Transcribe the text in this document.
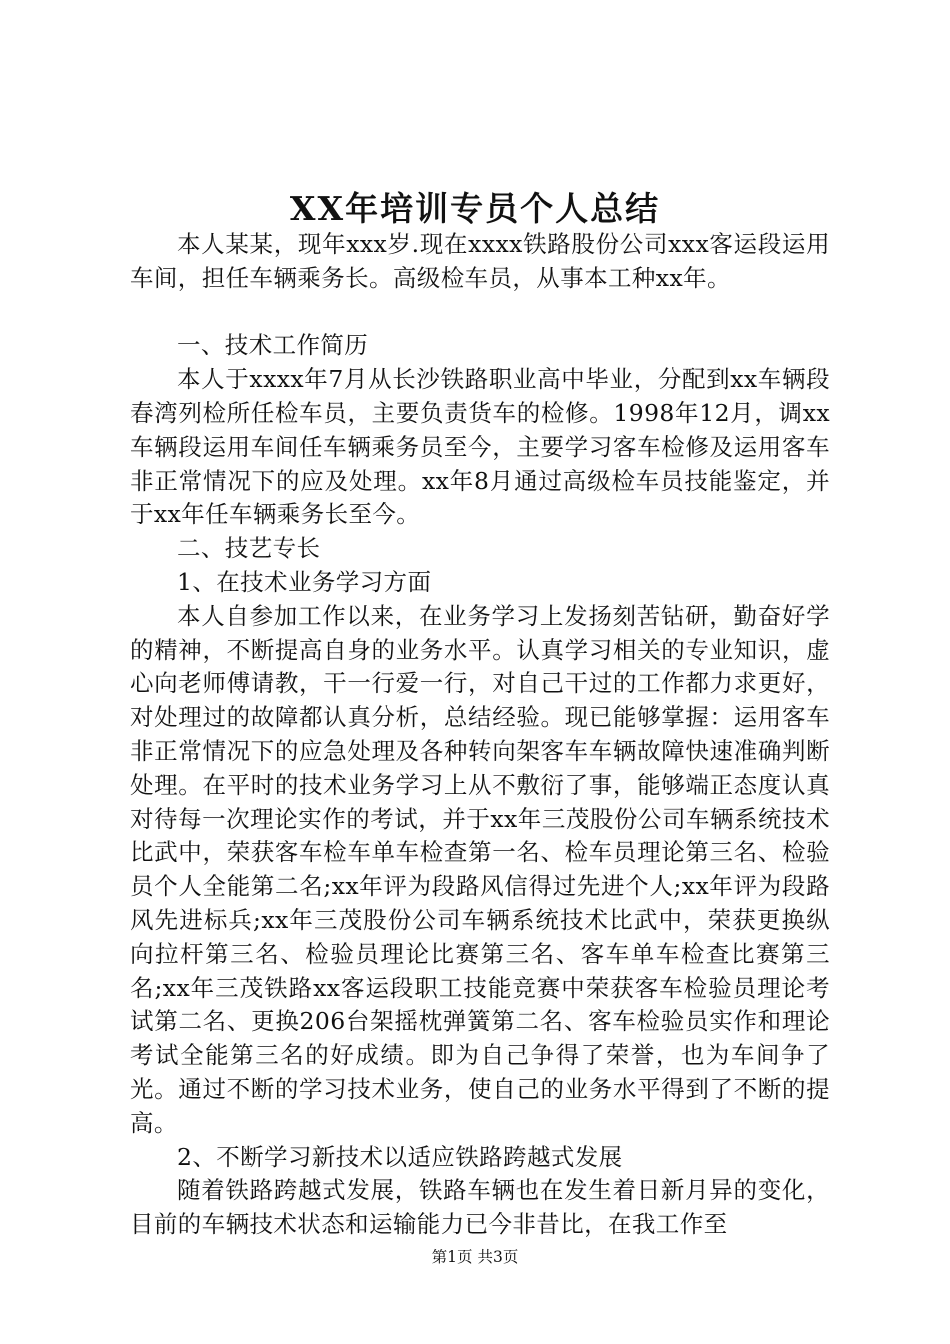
XX年培训专员个人总结

本人某某，现年xxx岁.现在xxxx铁路股份公司xxx客运段运用车间，担任车辆乘务长。高级检车员，从事本工种xx年。

一、技术工作简历

本人于xxxx年7月从长沙铁路职业高中毕业，分配到xx车辆段春湾列检所任检车员，主要负责货车的检修。1998年12月，调xx车辆段运用车间任车辆乘务员至今，主要学习客车检修及运用客车非正常情况下的应及处理。xx年8月通过高级检车员技能鉴定，并于xx年任车辆乘务长至今。

二、技艺专长

1、在技术业务学习方面

本人自参加工作以来，在业务学习上发扬刻苦钻研，勤奋好学的精神，不断提高自身的业务水平。认真学习相关的专业知识，虚心向老师傅请教，干一行爱一行，对自己干过的工作都力求更好，对处理过的故障都认真分析，总结经验。现已能够掌握：运用客车非正常情况下的应急处理及各种转向架客车车辆故障快速准确判断处理。在平时的技术业务学习上从不敷衍了事，能够端正态度认真对待每一次理论实作的考试，并于xx年三茂股份公司车辆系统技术比武中，荣获客车检车单车检查第一名、检车员理论第三名、检验员个人全能第二名;xx年评为段路风信得过先进个人;xx年评为段路风先进标兵;xx年三茂股份公司车辆系统技术比武中，荣获更换纵向拉杆第三名、检验员理论比赛第三名、客车单车检查比赛第三名;xx年三茂铁路xx客运段职工技能竞赛中荣获客车检验员理论考试第二名、更换206台架摇枕弹簧第二名、客车检验员实作和理论考试全能第三名的好成绩。即为自己争得了荣誉，也为车间争了光。通过不断的学习技术业务，使自己的业务水平得到了不断的提高。

2、不断学习新技术以适应铁路跨越式发展

随着铁路跨越式发展，铁路车辆也在发生着日新月异的变化，目前的车辆技术状态和运输能力已今非昔比，在我工作至

第1页 共3页
